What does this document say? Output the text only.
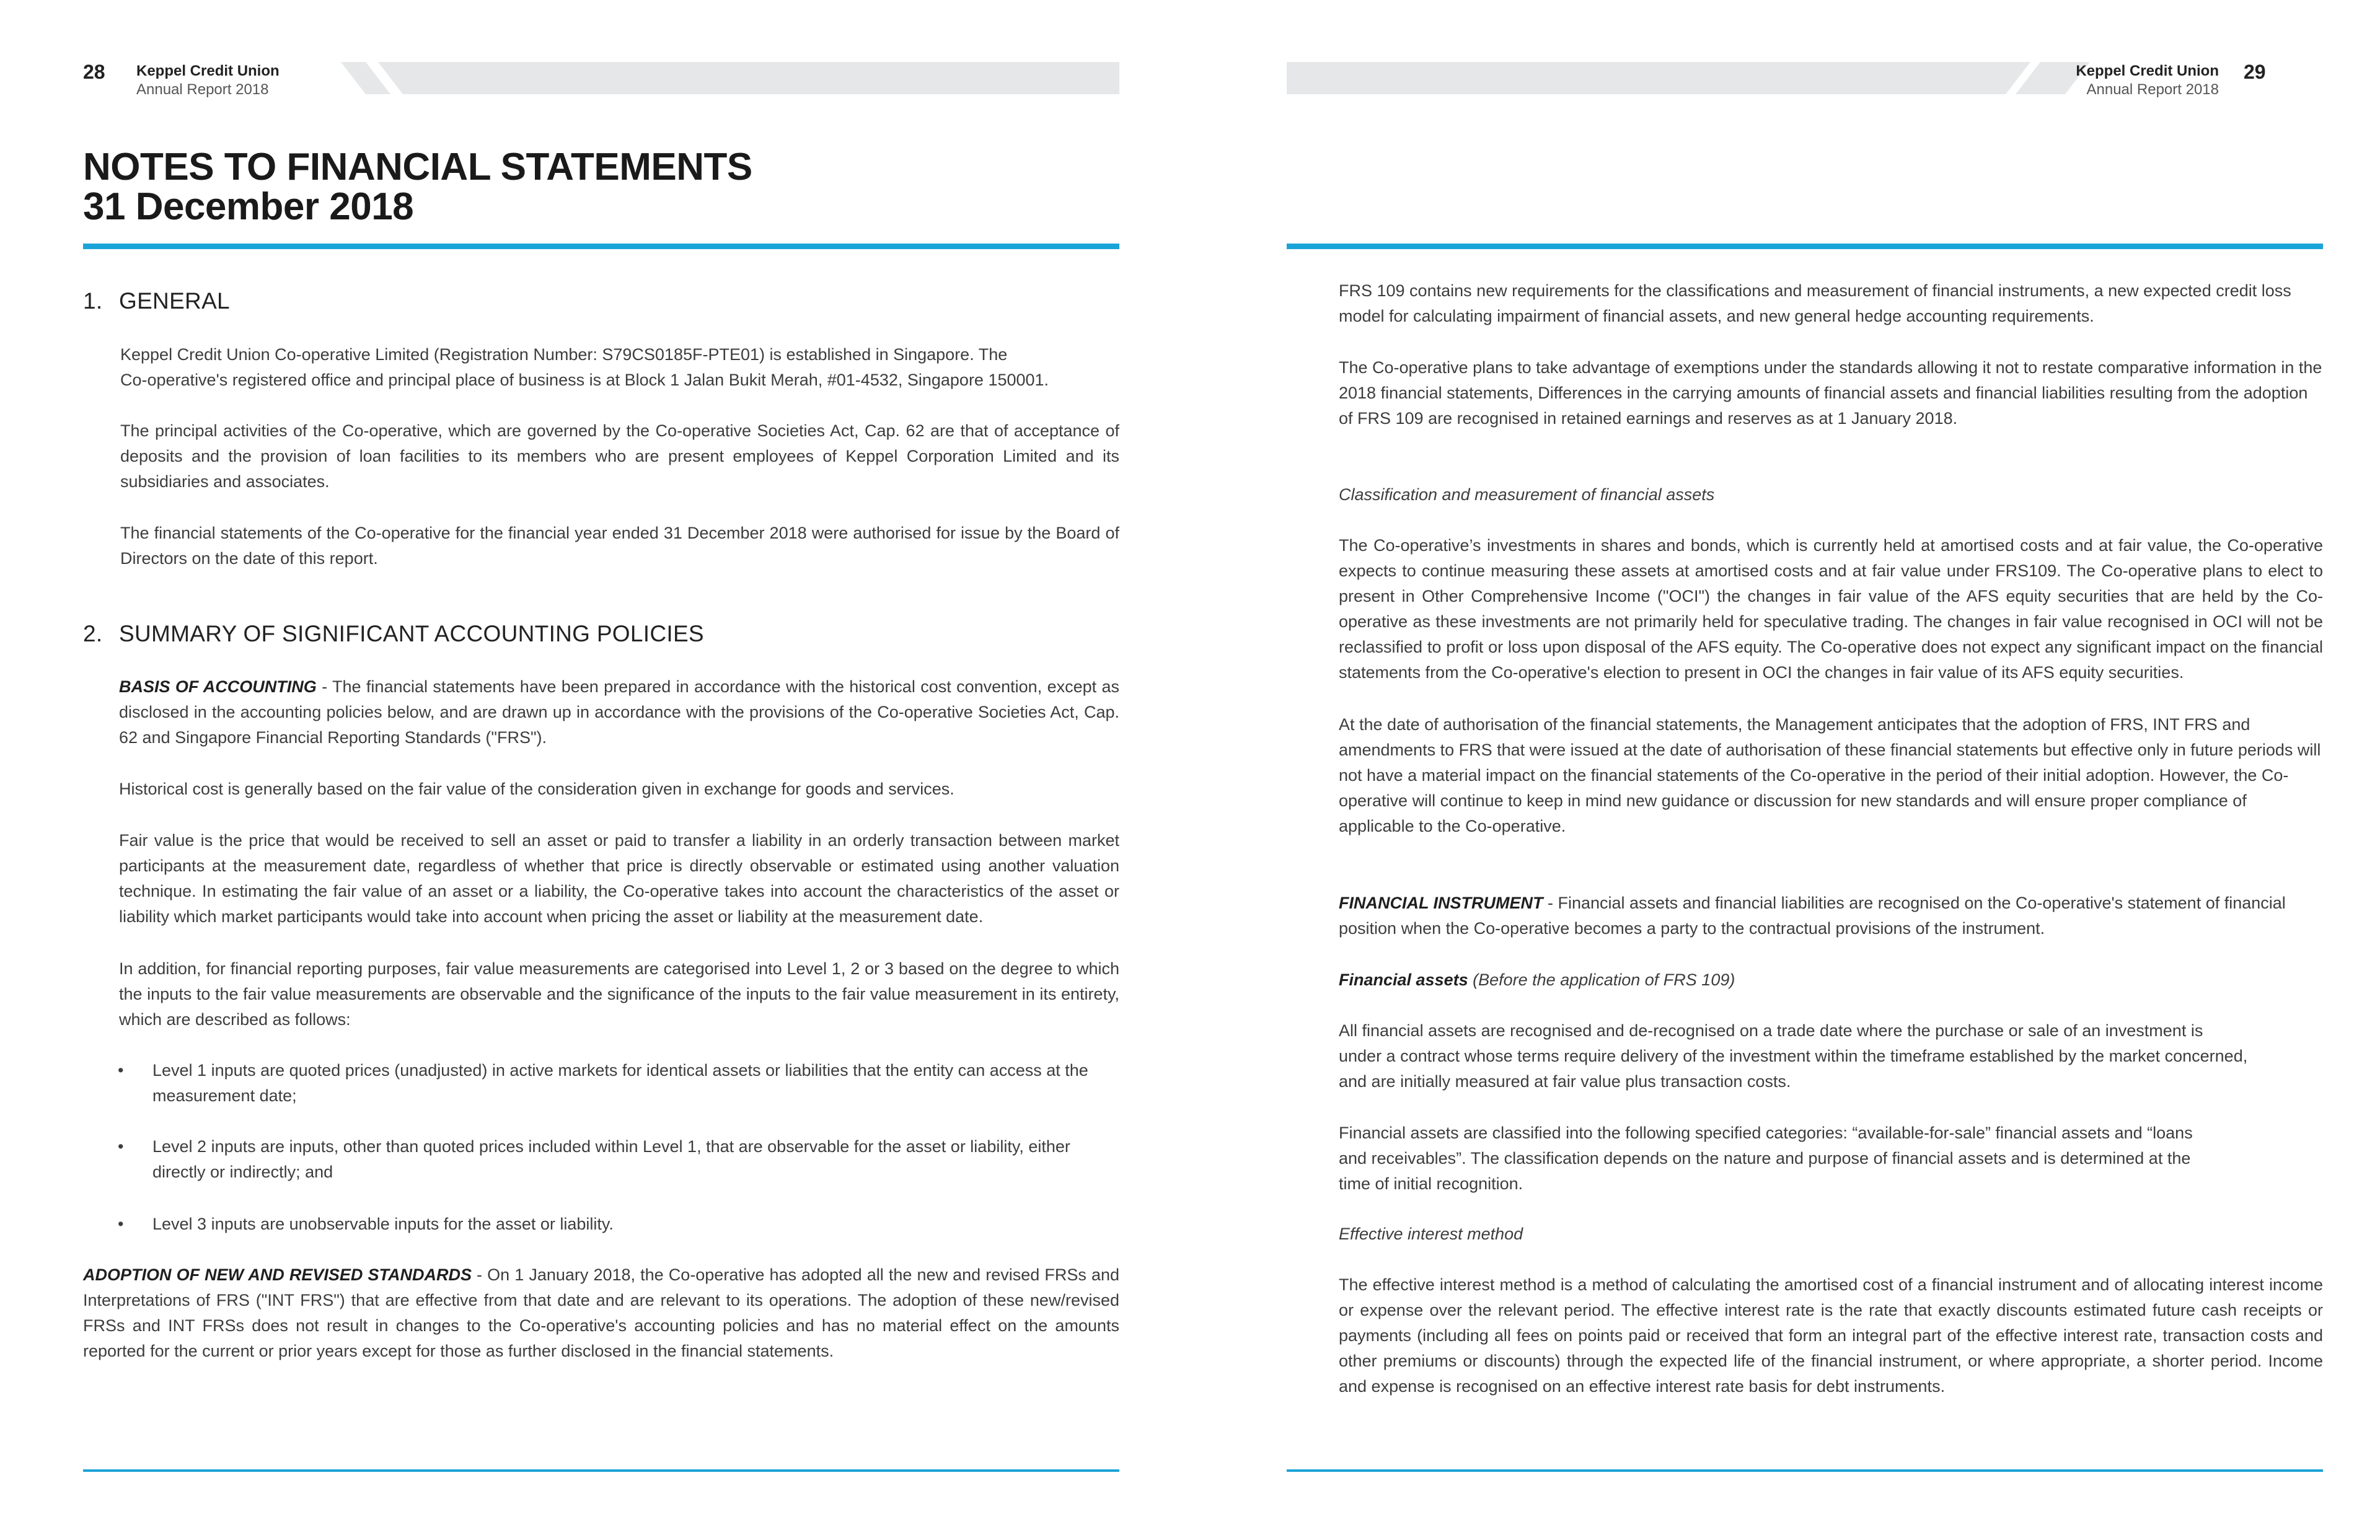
28 Keppel Credit Union
Annual Report 2018
NOTES TO FINANCIAL STATEMENTS
31 December 2018
1. GENERAL
Keppel Credit Union Co-operative Limited (Registration Number: S79CS0185F-PTE01) is established in Singapore. The
Co-operative's registered office and principal place of business is at Block 1 Jalan Bukit Merah, #01-4532, Singapore 150001.

The principal activities of the Co-operative, which are governed by the Co-operative Societies Act, Cap. 62 are that of acceptance of deposits and the provision of loan facilities to its members who are present employees of Keppel Corporation Limited and its subsidiaries and associates.

The financial statements of the Co-operative for the financial year ended 31 December 2018 were authorised for issue by the Board of Directors on the date of this report.

2. SUMMARY OF SIGNIFICANT ACCOUNTING POLICIES

BASIS OF ACCOUNTING - The financial statements have been prepared in accordance with the historical cost convention, except as disclosed in the accounting policies below, and are drawn up in accordance with the provisions of the Co-operative Societies Act, Cap. 62 and Singapore Financial Reporting Standards ("FRS").

Historical cost is generally based on the fair value of the consideration given in exchange for goods and services.

Fair value is the price that would be received to sell an asset or paid to transfer a liability in an orderly transaction between market participants at the measurement date, regardless of whether that price is directly observable or estimated using another valuation technique. In estimating the fair value of an asset or a liability, the Co-operative takes into account the characteristics of the asset or liability which market participants would take into account when pricing the asset or liability at the measurement date.

In addition, for financial reporting purposes, fair value measurements are categorised into Level 1, 2 or 3 based on the degree to which the inputs to the fair value measurements are observable and the significance of the inputs to the fair value measurement in its entirety, which are described as follows:

• Level 1 inputs are quoted prices (unadjusted) in active markets for identical assets or liabilities that the entity can access at the measurement date;
• Level 2 inputs are inputs, other than quoted prices included within Level 1, that are observable for the asset or liability, either directly or indirectly; and
• Level 3 inputs are unobservable inputs for the asset or liability.

ADOPTION OF NEW AND REVISED STANDARDS - On 1 January 2018, the Co-operative has adopted all the new and revised FRSs and Interpretations of FRS ("INT FRS") that are effective from that date and are relevant to its operations. The adoption of these new/revised FRSs and INT FRSs does not result in changes to the Co-operative's accounting policies and has no material effect on the amounts reported for the current or prior years except for those as further disclosed in the financial statements.

Keppel Credit Union
Annual Report 2018
29

FRS 109 contains new requirements for the classifications and measurement of financial instruments, a new expected credit loss model for calculating impairment of financial assets, and new general hedge accounting requirements.

The Co-operative plans to take advantage of exemptions under the standards allowing it not to restate comparative information in the 2018 financial statements, Differences in the carrying amounts of financial assets and financial liabilities resulting from the adoption of FRS 109 are recognised in retained earnings and reserves as at 1 January 2018.

Classification and measurement of financial assets

The Co-operative’s investments in shares and bonds, which is currently held at amortised costs and at fair value, the Co-operative expects to continue measuring these assets at amortised costs and at fair value under FRS109. The Co-operative plans to elect to present in Other Comprehensive Income ("OCI") the changes in fair value of the AFS equity securities that are held by the Co-operative as these investments are not primarily held for speculative trading. The changes in fair value recognised in OCI will not be reclassified to profit or loss upon disposal of the AFS equity. The Co-operative does not expect any significant impact on the financial statements from the Co-operative's election to present in OCI the changes in fair value of its AFS equity securities.

At the date of authorisation of the financial statements, the Management anticipates that the adoption of FRS, INT FRS and amendments to FRS that were issued at the date of authorisation of these financial statements but effective only in future periods will not have a material impact on the financial statements of the Co-operative in the period of their initial adoption. However, the Co-operative will continue to keep in mind new guidance or discussion for new standards and will ensure proper compliance of applicable to the Co-operative.

FINANCIAL INSTRUMENT - Financial assets and financial liabilities are recognised on the Co-operative's statement of financial position when the Co-operative becomes a party to the contractual provisions of the instrument.

Financial assets (Before the application of FRS 109)

All financial assets are recognised and de-recognised on a trade date where the purchase or sale of an investment is
under a contract whose terms require delivery of the investment within the timeframe established by the market concerned,
and are initially measured at fair value plus transaction costs.
Financial assets are classified into the following specified categories: “available-for-sale” financial assets and “loans
and receivables”. The classification depends on the nature and purpose of financial assets and is determined at the
time of initial recognition.

Effective interest method

The effective interest method is a method of calculating the amortised cost of a financial instrument and of allocating interest income or expense over the relevant period. The effective interest rate is the rate that exactly discounts estimated future cash receipts or payments (including all fees on points paid or received that form an integral part of the effective interest rate, transaction costs and other premiums or discounts) through the expected life of the financial instrument, or where appropriate, a shorter period. Income and expense is recognised on an effective interest rate basis for debt instruments.
